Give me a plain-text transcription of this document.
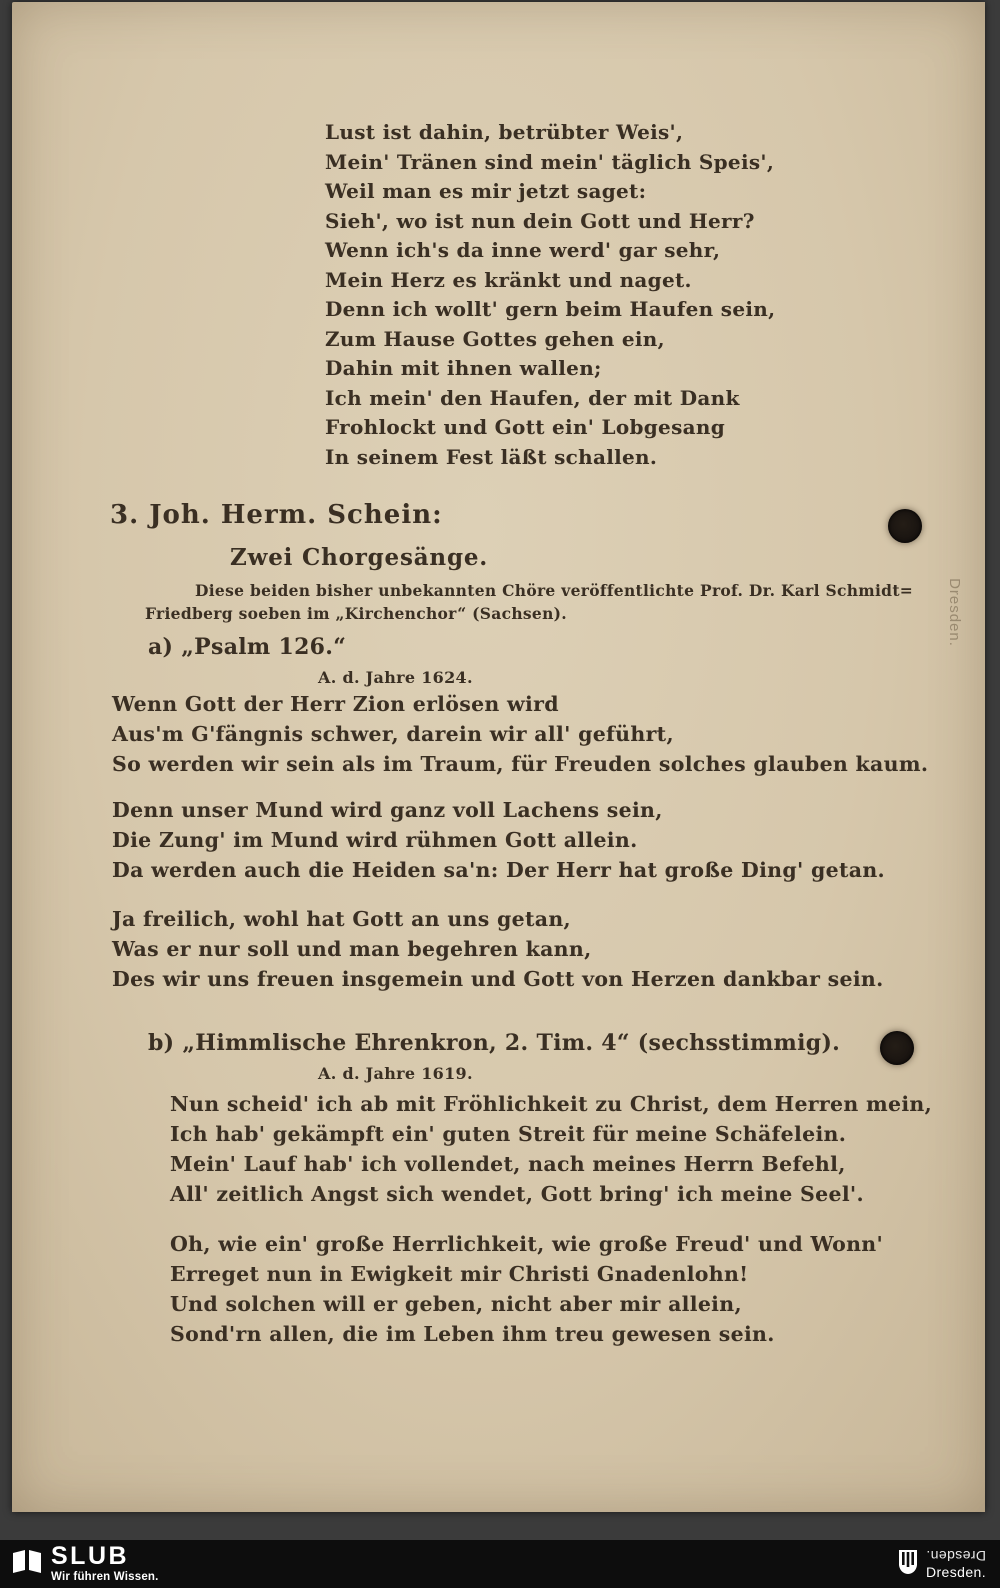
Lust ist dahin, betrübter Weis',
Mein' Tränen sind mein' täglich Speis',
Weil man es mir jetzt saget:
Sieh', wo ist nun dein Gott und Herr?
Wenn ich's da inne werd' gar sehr,
Mein Herz es kränkt und naget.
Denn ich wollt' gern beim Haufen sein,
Zum Hause Gottes gehen ein,
Dahin mit ihnen wallen;
Ich mein' den Haufen, der mit Dank
Frohlockt und Gott ein' Lobgesang
In seinem Fest läßt schallen.
3. Joh. Herm. Schein:
Zwei Chorgesänge.
Diese beiden bisher unbekannten Chöre veröffentlichte Prof. Dr. Karl Schmidt=
Friedberg soeben im „Kirchenchor“ (Sachsen).
a) „Psalm 126.“
A. d. Jahre 1624.
Wenn Gott der Herr Zion erlösen wird
Aus'm G'fängnis schwer, darein wir all' geführt,
So werden wir sein als im Traum, für Freuden solches glauben kaum.
Denn unser Mund wird ganz voll Lachens sein,
Die Zung' im Mund wird rühmen Gott allein.
Da werden auch die Heiden sa'n: Der Herr hat große Ding' getan.
Ja freilich, wohl hat Gott an uns getan,
Was er nur soll und man begehren kann,
Des wir uns freuen insgemein und Gott von Herzen dankbar sein.
b) „Himmlische Ehrenkron, 2. Tim. 4“ (sechsstimmig).
A. d. Jahre 1619.
Nun scheid' ich ab mit Fröhlichkeit zu Christ, dem Herren mein,
Ich hab' gekämpft ein' guten Streit für meine Schäfelein.
Mein' Lauf hab' ich vollendet, nach meines Herrn Befehl,
All' zeitlich Angst sich wendet, Gott bring' ich meine Seel'.
Oh, wie ein' große Herrlichkeit, wie große Freud' und Wonn'
Erreget nun in Ewigkeit mir Christi Gnadenlohn!
Und solchen will er geben, nicht aber mir allein,
Sond'rn allen, die im Leben ihm treu gewesen sein.
Dresden.
SLUB
Wir führen Wissen.
Dresden.
Dresden.
